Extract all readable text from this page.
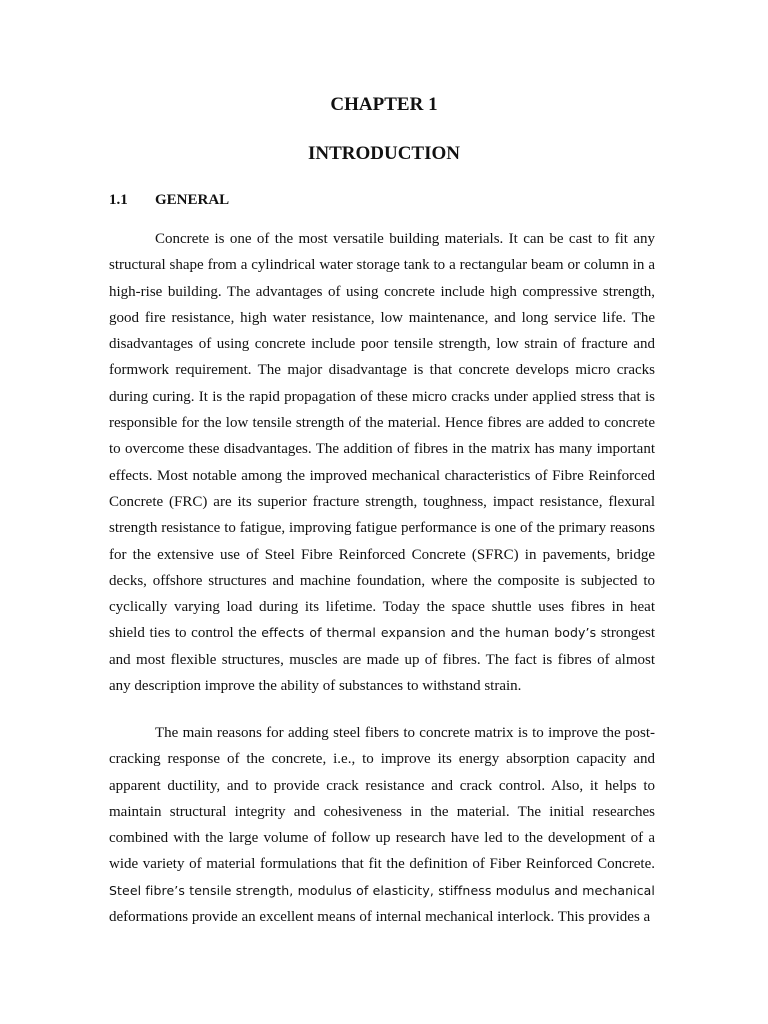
CHAPTER 1
INTRODUCTION
1.1 GENERAL

Concrete is one of the most versatile building materials. It can be cast to fit any structural shape from a cylindrical water storage tank to a rectangular beam or column in a high-rise building. The advantages of using concrete include high compressive strength, good fire resistance, high water resistance, low maintenance, and long service life. The disadvantages of using concrete include poor tensile strength, low strain of fracture and formwork requirement. The major disadvantage is that concrete develops micro cracks during curing. It is the rapid propagation of these micro cracks under applied stress that is responsible for the low tensile strength of the material. Hence fibres are added to concrete to overcome these disadvantages. The addition of fibres in the matrix has many important effects. Most notable among the improved mechanical characteristics of Fibre Reinforced Concrete (FRC) are its superior fracture strength, toughness, impact resistance, flexural strength resistance to fatigue, improving fatigue performance is one of the primary reasons for the extensive use of Steel Fibre Reinforced Concrete (SFRC) in pavements, bridge decks, offshore structures and machine foundation, where the composite is subjected to cyclically varying load during its lifetime. Today the space shuttle uses fibres in heat shield ties to control the effects of thermal expansion and the human body’s strongest and most flexible structures, muscles are made up of fibres. The fact is fibres of almost any description improve the ability of substances to withstand strain.

The main reasons for adding steel fibers to concrete matrix is to improve the post-cracking response of the concrete, i.e., to improve its energy absorption capacity and apparent ductility, and to provide crack resistance and crack control. Also, it helps to maintain structural integrity and cohesiveness in the material. The initial researches combined with the large volume of follow up research have led to the development of a wide variety of material formulations that fit the definition of Fiber Reinforced Concrete. Steel fibre’s tensile strength, modulus of elasticity, stiffness modulus and mechanical deformations provide an excellent means of internal mechanical interlock. This provides a
